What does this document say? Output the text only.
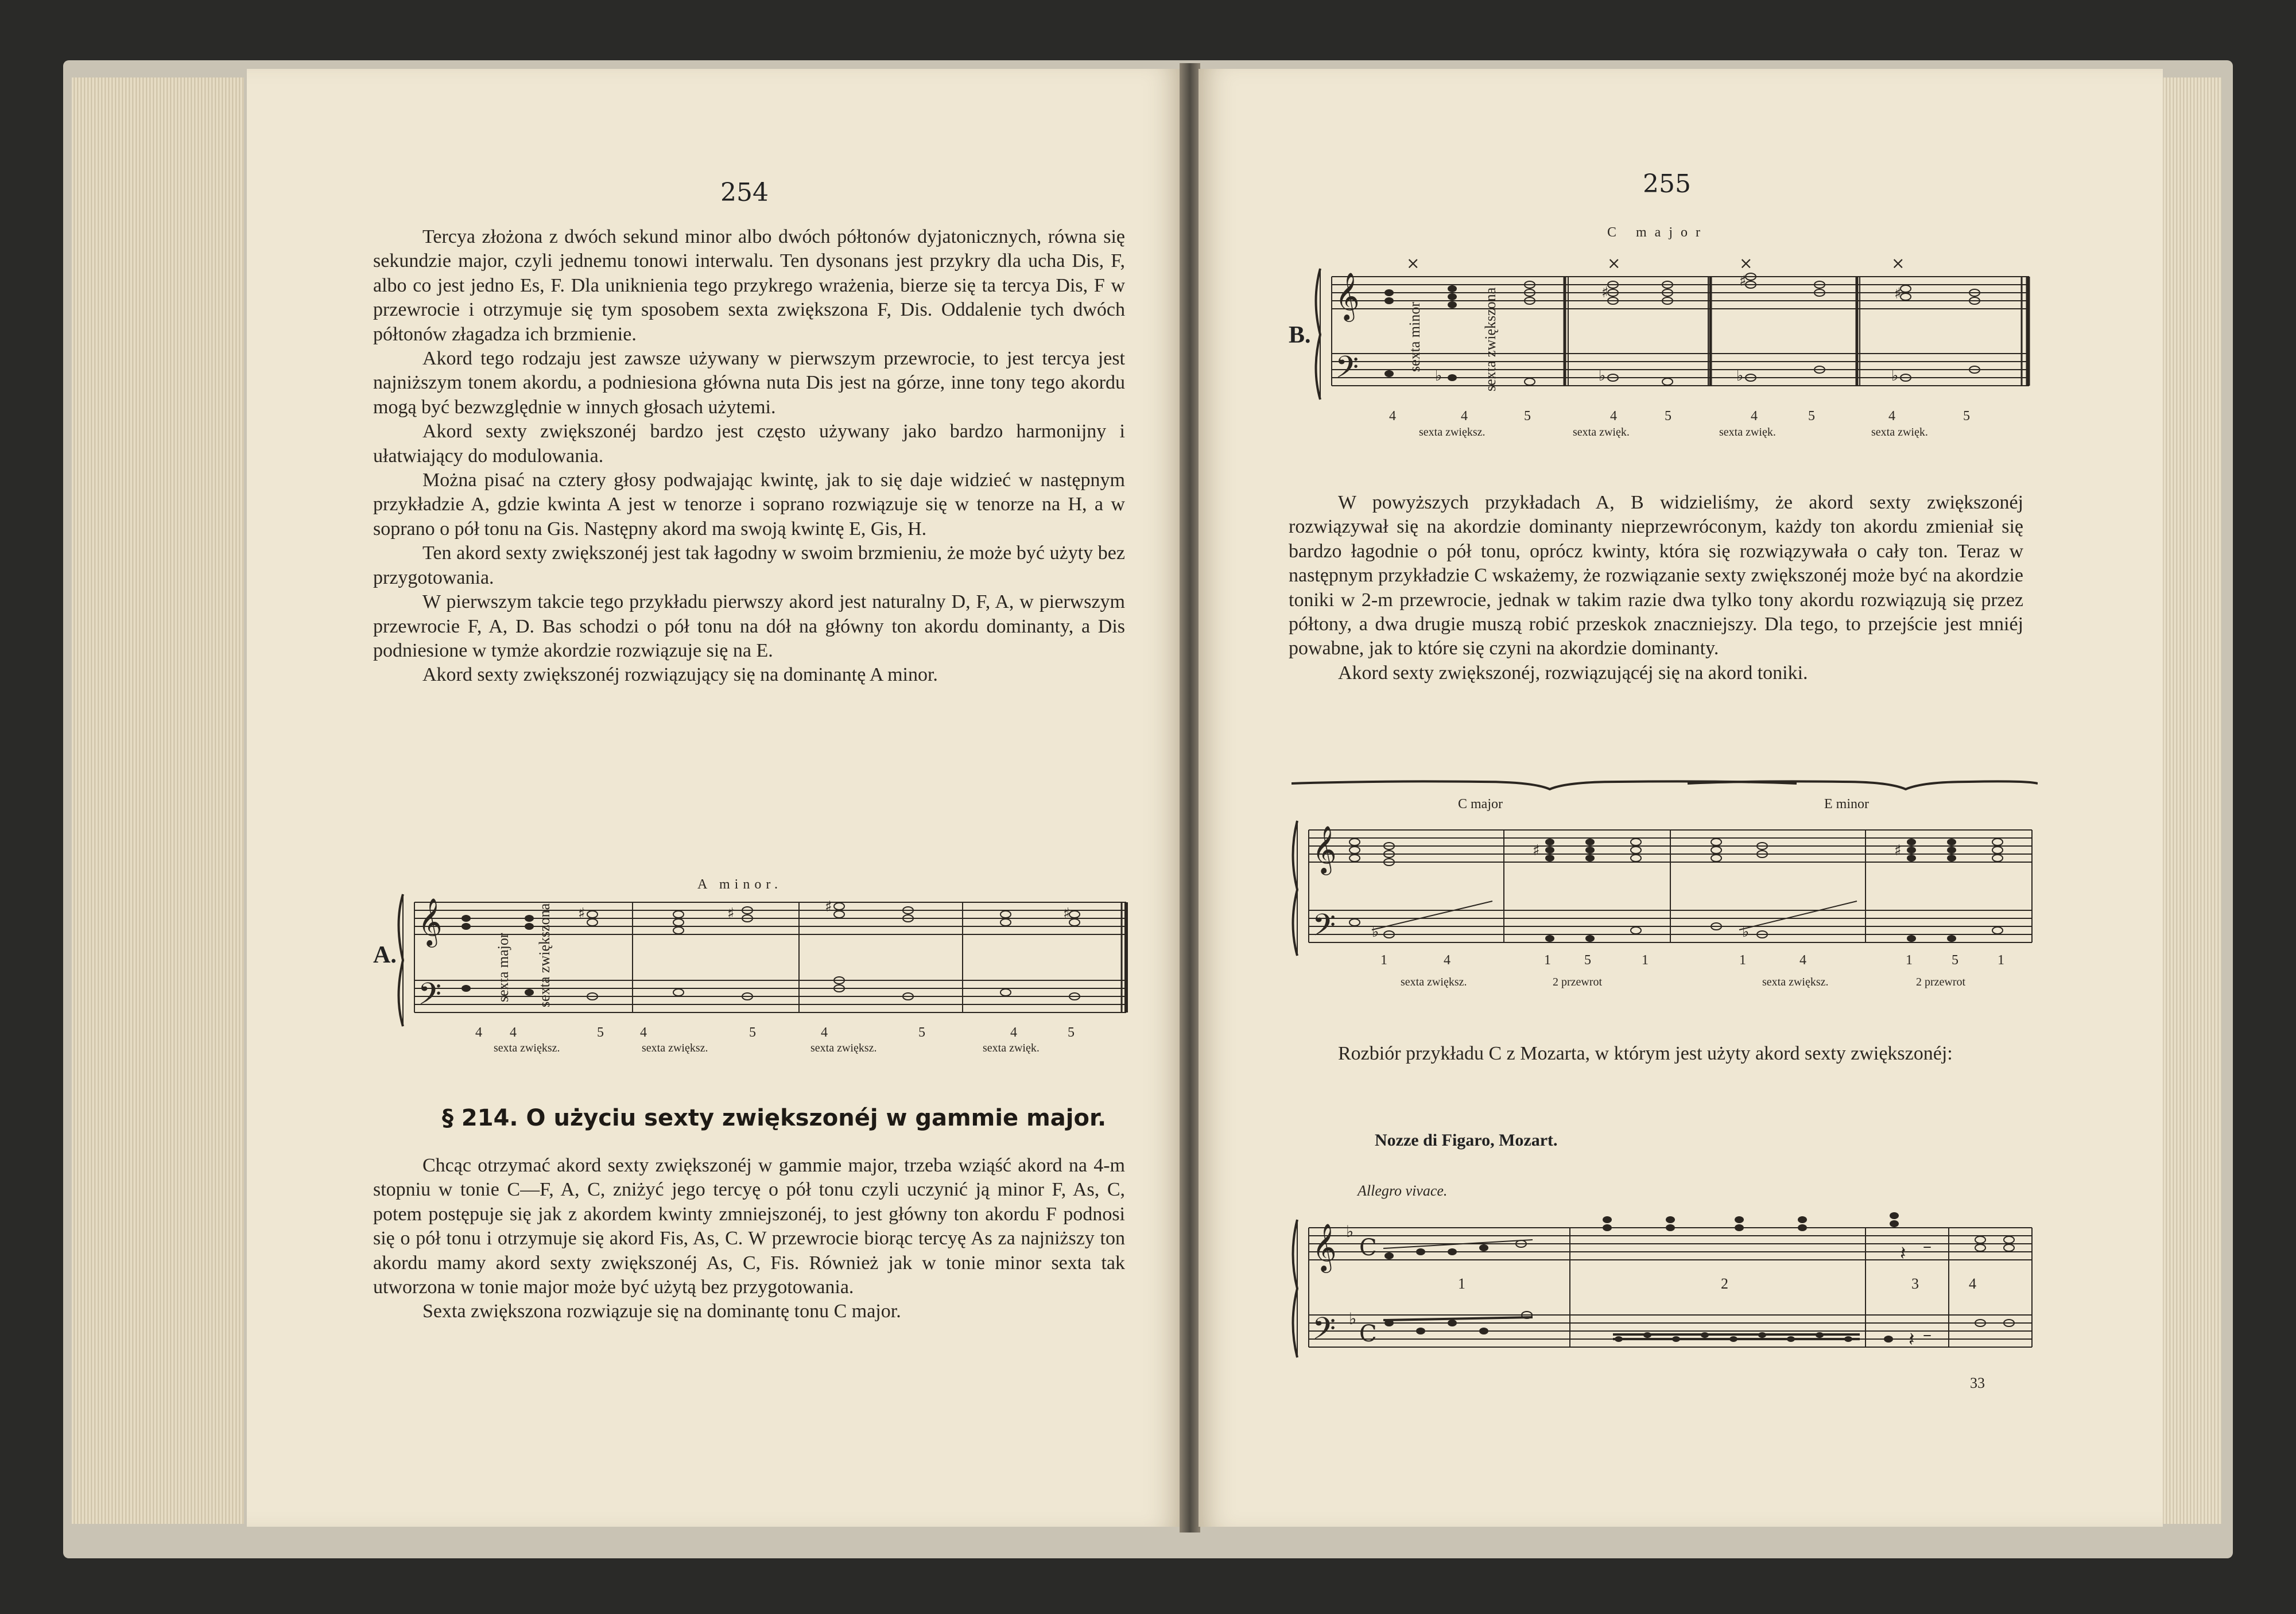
254

Tercya złożona z dwóch sekund minor albo dwóch półtonów dyjatonicznych, równa się sekundzie major, czyli jednemu tonowi interwalu. Ten dysonans jest przykry dla ucha Dis, F, albo co jest jedno Es, F. Dla uniknienia tego przykrego wrażenia, bierze się ta tercya Dis, F w przewrocie i otrzymuje się tym sposobem sexta zwiększona F, Dis. Oddalenie tych dwóch półtonów złagadza ich brzmienie.

Akord tego rodzaju jest zawsze używany w pierwszym przewrocie, to jest tercya jest najniższym tonem akordu, a podniesiona główna nuta Dis jest na górze, inne tony tego akordu mogą być bezwzględnie w innych głosach użytemi.

Akord sexty zwiększonéj bardzo jest często używany jako bardzo harmonijny i ułatwiający do modulowania.

Można pisać na cztery głosy podwajając kwintę, jak to się daje widzieć w następnym przykładzie A, gdzie kwinta A jest w tenorze i soprano rozwiązuje się w tenorze na H, a w soprano o pół tonu na Gis. Następny akord ma swoją kwintę E, Gis, H.

Ten akord sexty zwiększonéj jest tak łagodny w swoim brzmieniu, że może być użyty bez przygotowania.

W pierwszym takcie tego przykładu pierwszy akord jest naturalny D, F, A, w pierwszym przewrocie F, A, D. Bas schodzi o pół tonu na dół na główny ton akordu dominanty, a Dis podniesione w tymże akordzie rozwiązuje się na E.

Akord sexty zwiększonéj rozwiązujący się na dominantę A minor.

A.
A minor.
𝄞
𝄢
♯	♯	♯	♯
sexta major sexta zwiększona
4 4	5	4	5	4	5	4	5
sexta zwiększ.	sexta zwiększ.	sexta zwiększ.	sexta zwięk.
§ 214. O użyciu sexty zwiększonéj w gammie major.

Chcąc otrzymać akord sexty zwiększonéj w gammie major, trzeba wziąść akord na 4-m stopniu w tonie C—F, A, C, zniżyć jego tercyę o pół tonu czyli uczynić ją minor F, As, C, potem postępuje się jak z akordem kwinty zmniejszonéj, to jest główny ton akordu F podnosi się o pół tonu i otrzymuje się akord Fis, As, C. W przewrocie biorąc tercyę As za najniższy ton akordu mamy akord sexty zwiększonéj As, C, Fis. Również jak w tonie minor sexta tak utworzona w tonie major może być użytą bez przygotowania.

Sexta zwiększona rozwiązuje się na dominantę tonu C major.

255
C major
B.
𝄞
𝄢
×	×	×	×
♭	♭	♭	♭
♯
♯
♯
sexta minor	sexta zwiększona
4	4	5	4	5	4	5	4	5
sexta zwiększ.	sexta zwięk.	sexta zwięk.	sexta zwięk.

W powyższych przykładach A, B widzieliśmy, że akord sexty zwiększonéj rozwiązywał się na akordzie dominanty nieprzewróconym, każdy ton akordu zmieniał się bardzo łagodnie o pół tonu, oprócz kwinty, która się rozwiązywała o cały ton. Teraz w następnym przykładzie C wskażemy, że rozwiązanie sexty zwiększonéj może być na akordzie toniki w 2-m przewrocie, jednak w takim razie dwa tylko tony akordu rozwiązują się przez półtony, a dwa drugie muszą robić przeskok znaczniejszy. Dla tego, to przejście jest mniéj powabne, jak to które się czyni na akordzie dominanty.

Akord sexty zwiększonéj, rozwiązującéj się na akord toniki.

C major	E minor
𝄞
𝄢 ♭	♭
♯	♯
1	4	1 5	1	1	4	1	5	1
sexta zwiększ.	2 przewrot	sexta zwiększ.	2 przewrot

Rozbiór przykładu C z Mozarta, w którym jest użyty akord sexty zwiększonéj:

Nozze di Figaro, Mozart.
Allegro vivace.
𝄞
𝄢
♭
♭
C
C
𝄽
𝄽
–
–
1	2	3	4
33
